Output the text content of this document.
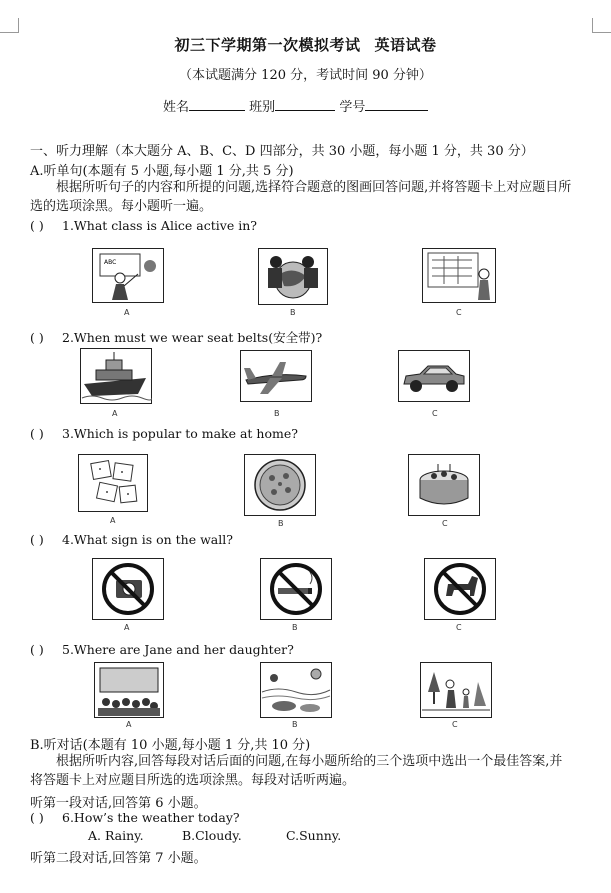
初三下学期第一次模拟考试 英语试卷
（本试题满分 120 分，考试时间 90 分钟）
姓名	班别	学号
一、听力理解（本大题分 A、B、C、D 四部分，共 30 小题，每小题 1 分，共 30 分）
A.听单句(本题有 5 小题,每小题 1 分,共 5 分)
根据所听句子的内容和所提的问题,选择符合题意的图画回答问题,并将答题卡上对应题目所选的选项涂黑。每小题听一遍。
( ) 1.What class is Alice active in?
ABC
A	B	C
( ) 2.When must we wear seat belts(安全带)?
A	B	C
( ) 3.Which is popular to make at home?
A	B	C
( ) 4.What sign is on the wall?
A	B	C
( ) 5.Where are Jane and her daughter?
A	B	C
B.听对话(本题有 10 小题,每小题 1 分,共 10 分)
根据所听内容,回答每段对话后面的问题,在每小题所给的三个选项中选出一个最佳答案,并将答题卡上对应题目所选的选项涂黑。每段对话听两遍。
听第一段对话,回答第 6 小题。
( ) 6.How’s the weather today?
A. Rainy.	B.Cloudy.	C.Sunny.
听第二段对话,回答第 7 小题。
